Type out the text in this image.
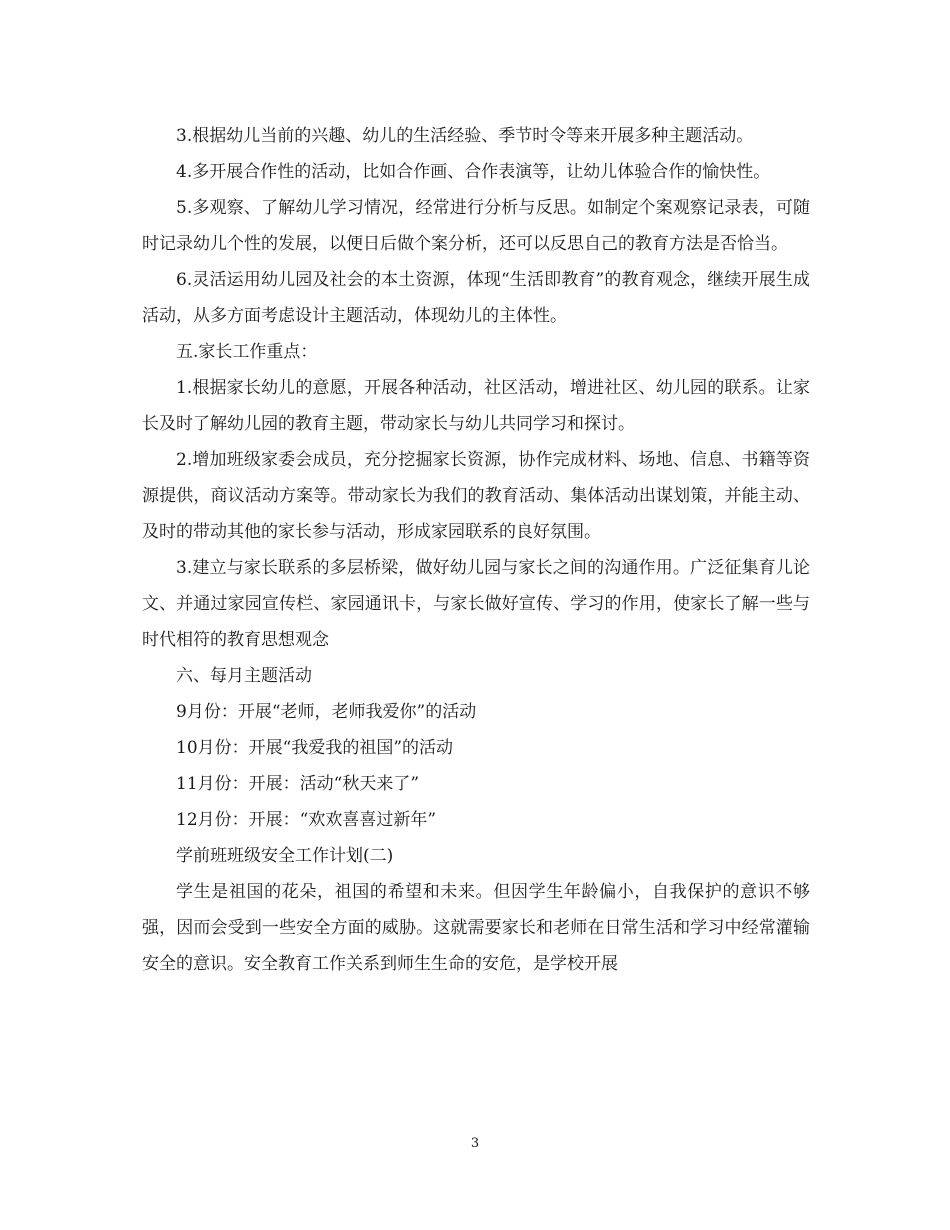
3.根据幼儿当前的兴趣、幼儿的生活经验、季节时令等来开展多种主题活动。

4.多开展合作性的活动，比如合作画、合作表演等，让幼儿体验合作的愉快性。

5.多观察、了解幼儿学习情况，经常进行分析与反思。如制定个案观察记录表，可随时记录幼儿个性的发展，以便日后做个案分析，还可以反思自己的教育方法是否恰当。

6.灵活运用幼儿园及社会的本土资源，体现“生活即教育”的教育观念，继续开展生成活动，从多方面考虑设计主题活动，体现幼儿的主体性。

五.家长工作重点：

1.根据家长幼儿的意愿，开展各种活动，社区活动，增进社区、幼儿园的联系。让家长及时了解幼儿园的教育主题，带动家长与幼儿共同学习和探讨。

2.增加班级家委会成员，充分挖掘家长资源，协作完成材料、场地、信息、书籍等资源提供，商议活动方案等。带动家长为我们的教育活动、集体活动出谋划策，并能主动、及时的带动其他的家长参与活动，形成家园联系的良好氛围。

3.建立与家长联系的多层桥梁，做好幼儿园与家长之间的沟通作用。广泛征集育儿论文、并通过家园宣传栏、家园通讯卡，与家长做好宣传、学习的作用，使家长了解一些与时代相符的教育思想观念

六、每月主题活动

9月份：开展“老师，老师我爱你”的活动

10月份：开展“我爱我的祖国”的活动

11月份：开展：活动“秋天来了”

12月份：开展：“欢欢喜喜过新年”

学前班班级安全工作计划(二)

学生是祖国的花朵，祖国的希望和未来。但因学生年龄偏小，自我保护的意识不够强，因而会受到一些安全方面的威胁。这就需要家长和老师在日常生活和学习中经常灌输安全的意识。安全教育工作关系到师生生命的安危，是学校开展

3
